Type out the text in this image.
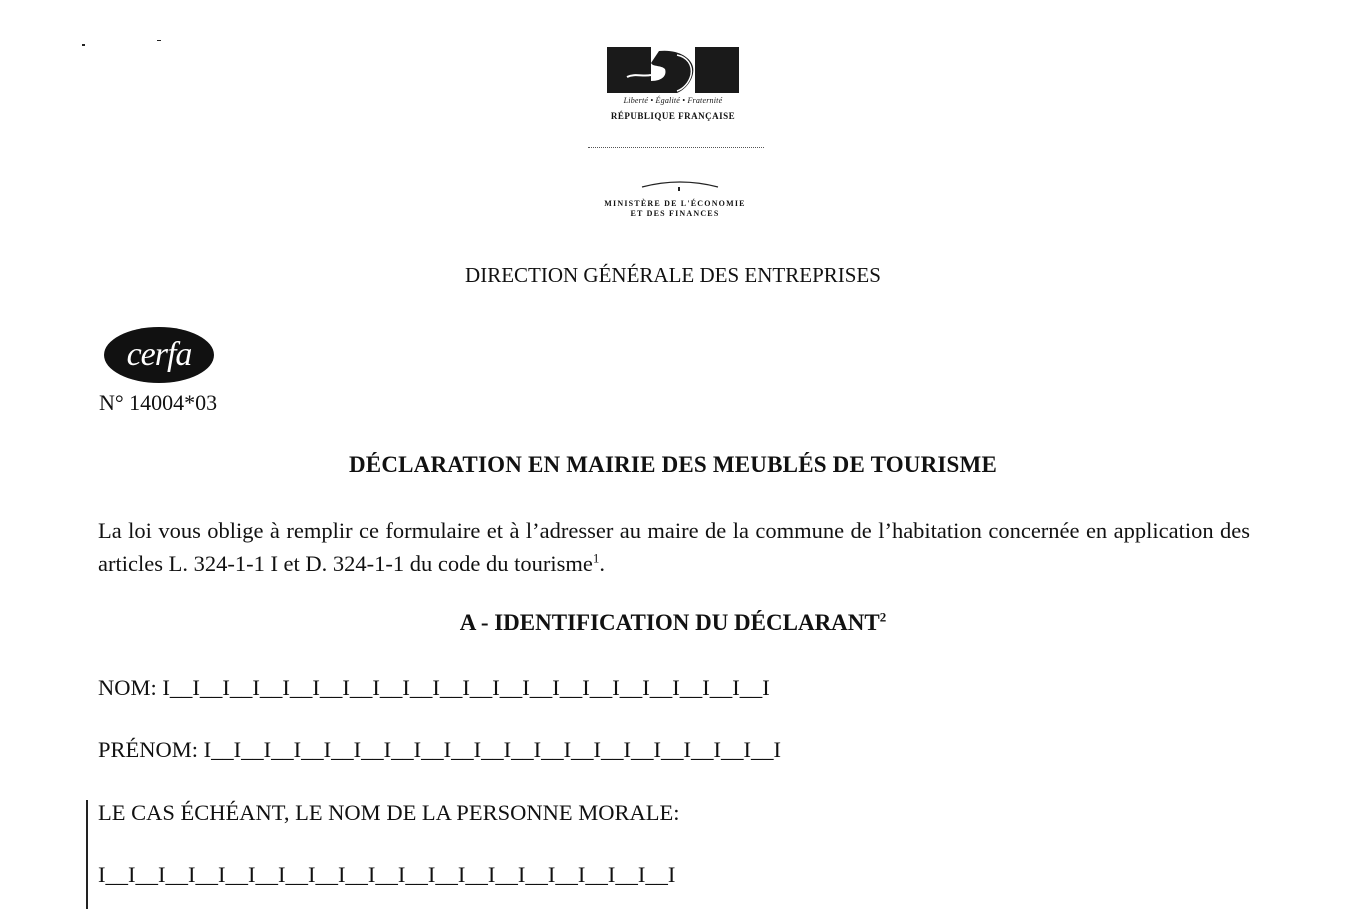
Liberté • Égalité • Fraternité
RÉPUBLIQUE FRANÇAISE
MINISTÈRE DE L'ÉCONOMIE
ET DES FINANCES
DIRECTION GÉNÉRALE DES ENTREPRISES
cerfa
N° 14004*03
DÉCLARATION EN MAIRIE DES MEUBLÉS DE TOURISME
La loi vous oblige à remplir ce formulaire et à l’adresser au maire de la commune de l’habitation concernée en application des articles L. 324-1-1 I et D. 324-1-1 du code du tourisme$^1$.
A - IDENTIFICATION DU DÉCLARANT$^2$
NOM: I__I__I__I__I__I__I__I__I__I__I__I__I__I__I__I__I__I__I__I__I
PRÉNOM: I__I__I__I__I__I__I__I__I__I__I__I__I__I__I__I__I__I__I__I
LE CAS ÉCHÉANT, LE NOM DE LA PERSONNE MORALE:
I__I__I__I__I__I__I__I__I__I__I__I__I__I__I__I__I__I__I__I
